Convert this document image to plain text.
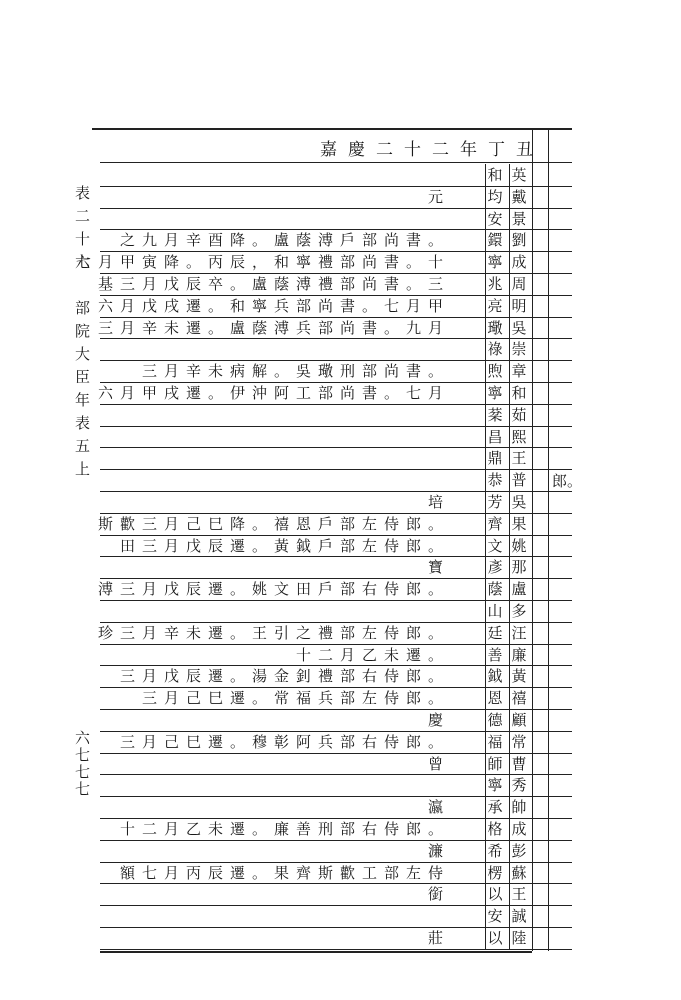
表二十六　部院大臣年表五上
六七七七
嘉慶二十二年丁丑
和 英
元 均 戴
安 景
之九月辛酉降。盧蔭溥戶部尚書。 鐶 劉
七月甲寅降。丙辰，和寧禮部尚書。十 寧 成
基三月戊辰卒。盧蔭溥禮部尚書。三 兆 周
六月戊戌遷。和寧兵部尚書。七月甲 亮 明
三月辛未遷。盧蔭溥兵部尚書。九月 璥 吳
祿 崇
三月辛未病解。吳璥刑部尚書。 煦 章
六月甲戌遷。伊沖阿工部尚書。七月 寧 和
棻 茹
昌 熙
鼎 王
恭 普
培 芳 吳
斯歡三月己巳降。禧恩戶部左侍郎。 齊 果
田三月戊辰遷。黃鉞戶部左侍郎。 文 姚
寶 彥 那
溥三月戊辰遷。姚文田戶部右侍郎。 蔭 盧
山 多
珍三月辛未遷。王引之禮部左侍郎。 廷 汪
十二月乙未遷。 善 廉
三月戊辰遷。湯金釗禮部右侍郎。 鉞 黃
三月己巳遷。常福兵部左侍郎。 恩 禧
慶 德 顧
三月己巳遷。穆彰阿兵部右侍郎。 福 常
曾 師 曹
寧 秀
瀛 承 帥
十二月乙未遷。廉善刑部右侍郎。 格 成
濂 希 彭
額七月丙辰遷。果齊斯歡工部左侍 楞 蘇
銜 以 王
安 誠
莊 以 陸
郎。
